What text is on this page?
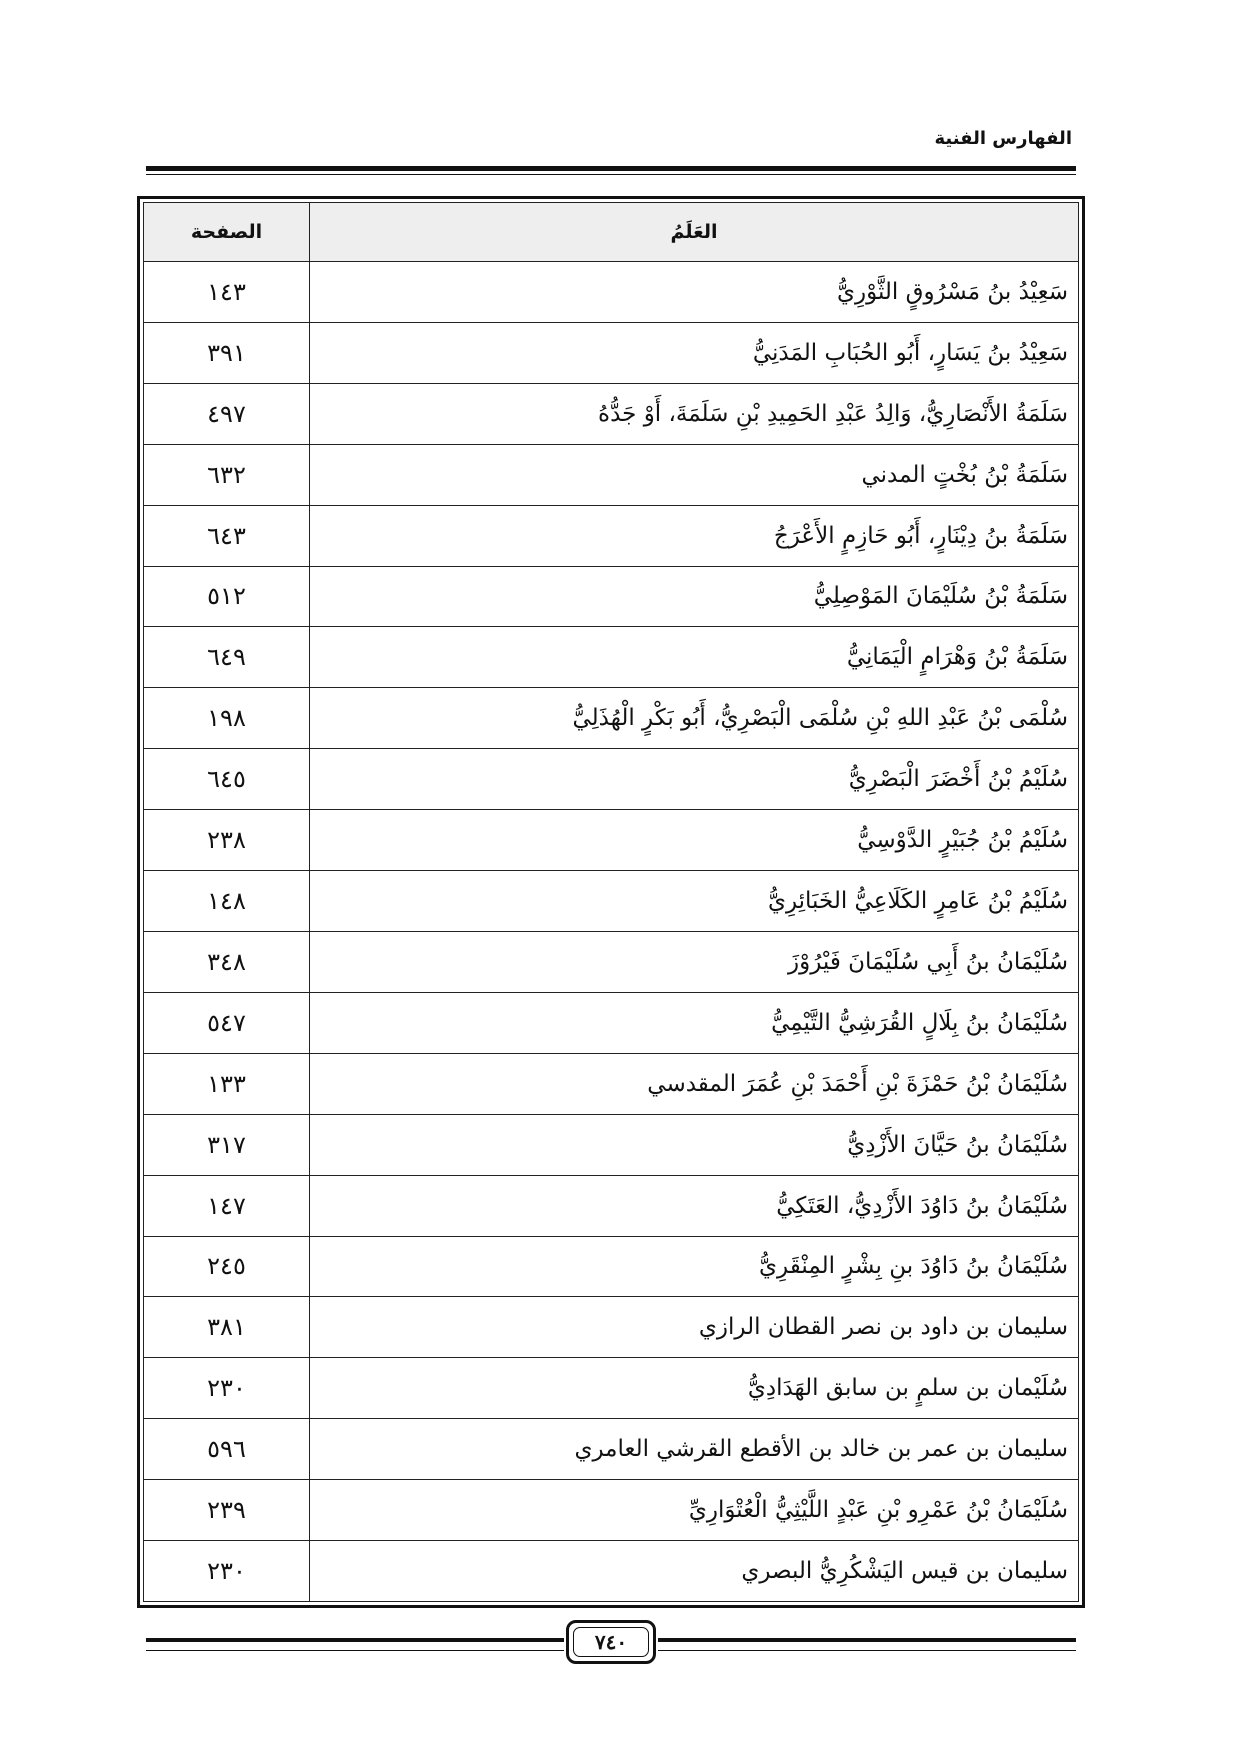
الفهارس الفنية
العَلَمُ	الصفحة
سَعِيْدُ بنُ مَسْرُوقٍ الثَّوْرِيُّ	١٤٣
سَعِيْدُ بنُ يَسَارٍ، أَبُو الحُبَابِ المَدَنِيُّ	٣٩١
سَلَمَةُ الأَنْصَارِيُّ، وَالِدُ عَبْدِ الحَمِيدِ بْنِ سَلَمَةَ، أَوْ جَدُّهُ	٤٩٧
سَلَمَةُ بْنُ بُخْتٍ المدني	٦٣٢
سَلَمَةُ بنُ دِيْنَارٍ، أَبُو حَازِمٍ الأَعْرَجُ	٦٤٣
سَلَمَةُ بْنُ سُلَيْمَانَ المَوْصِلِيُّ	٥١٢
سَلَمَةُ بْنُ وَهْرَامٍ الْيَمَانِيُّ	٦٤٩
سُلْمَى بْنُ عَبْدِ اللهِ بْنِ سُلْمَى الْبَصْرِيُّ، أَبُو بَكْرٍ الْهُذَلِيُّ	١٩٨
سُلَيْمُ بْنُ أَخْضَرَ الْبَصْرِيُّ	٦٤٥
سُلَيْمُ بْنُ جُبَيْرٍ الدَّوْسِيُّ	٢٣٨
سُلَيْمُ بْنُ عَامِرٍ الكَلَاعِيُّ الخَبَائِرِيُّ	١٤٨
سُلَيْمَانُ بنُ أَبِي سُلَيْمَانَ فَيْرُوْزَ	٣٤٨
سُلَيْمَانُ بنُ بِلَالٍ القُرَشِيُّ التَّيْمِيُّ	٥٤٧
سُلَيْمَانُ بْنُ حَمْزَةَ بْنِ أَحْمَدَ بْنِ عُمَرَ المقدسي	١٣٣
سُلَيْمَانُ بنُ حَيَّانَ الأَزْدِيُّ	٣١٧
سُلَيْمَانُ بنُ دَاوُدَ الأَزْدِيُّ، العَتَكِيُّ	١٤٧
سُلَيْمَانُ بنُ دَاوُدَ بنِ بِشْرٍ المِنْقَرِيُّ	٢٤٥
سليمان بن داود بن نصر القطان الرازي	٣٨١
سُلَيْمان بن سلمٍ بن سابق الهَدَادِيُّ	٢٣٠
سليمان بن عمر بن خالد بن الأقطع القرشي العامري	٥٩٦
سُلَيْمَانُ بْنُ عَمْرِو بْنِ عَبْدٍ اللَّيْثِيُّ الْعُتْوَارِيِّ	٢٣٩
سليمان بن قيس اليَشْكُرِيُّ البصري	٢٣٠
٧٤٠
